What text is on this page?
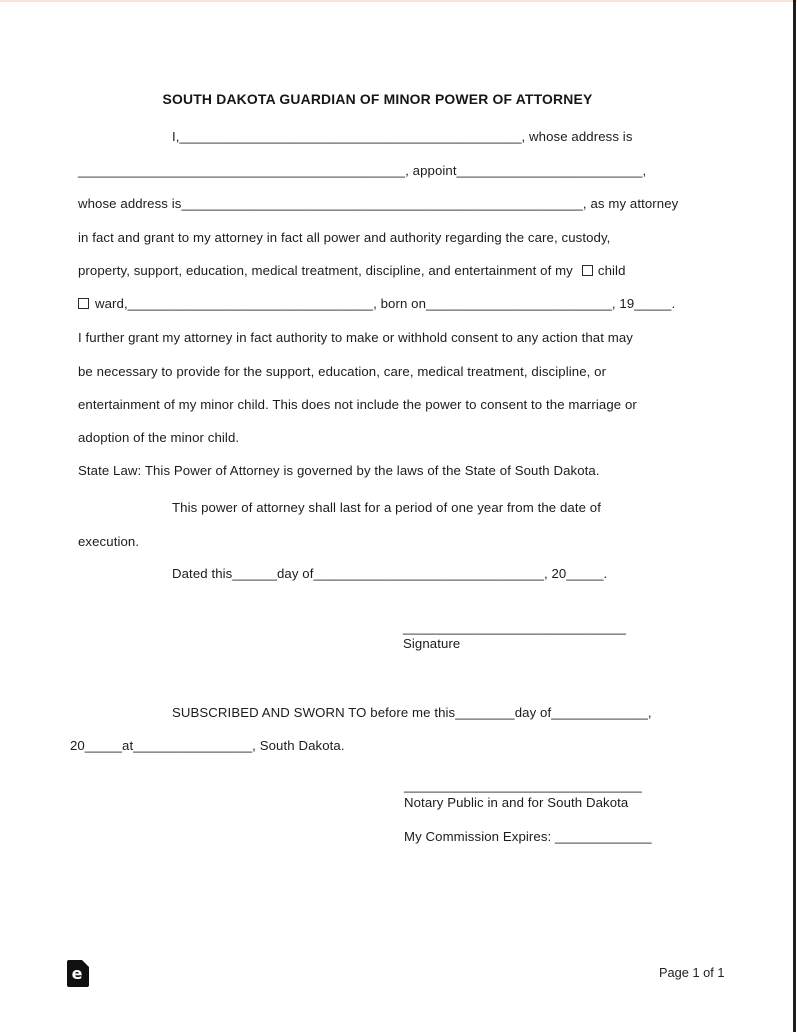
SOUTH DAKOTA GUARDIAN OF MINOR POWER OF ATTORNEY
I,______________________________________________, whose address is
____________________________________________, appoint_________________________,
whose address is______________________________________________________, as my attorney
in fact and grant to my attorney in fact all power and authority regarding the care, custody,
property, support, education, medical treatment, discipline, and entertainment of my child
ward,_________________________________, born on_________________________, 19_____.
I further grant my attorney in fact authority to make or withhold consent to any action that may
be necessary to provide for the support, education, care, medical treatment, discipline, or
entertainment of my minor child. This does not include the power to consent to the marriage or
adoption of the minor child.
State Law: This Power of Attorney is governed by the laws of the State of South Dakota.
This power of attorney shall last for a period of one year from the date of
execution.
Dated this______day of_______________________________, 20_____.
______________________________
Signature
SUBSCRIBED AND SWORN TO before me this________day of_____________,
20_____at________________, South Dakota.
________________________________
Notary Public in and for South Dakota
My Commission Expires: _____________
e	Page 1 of 1
